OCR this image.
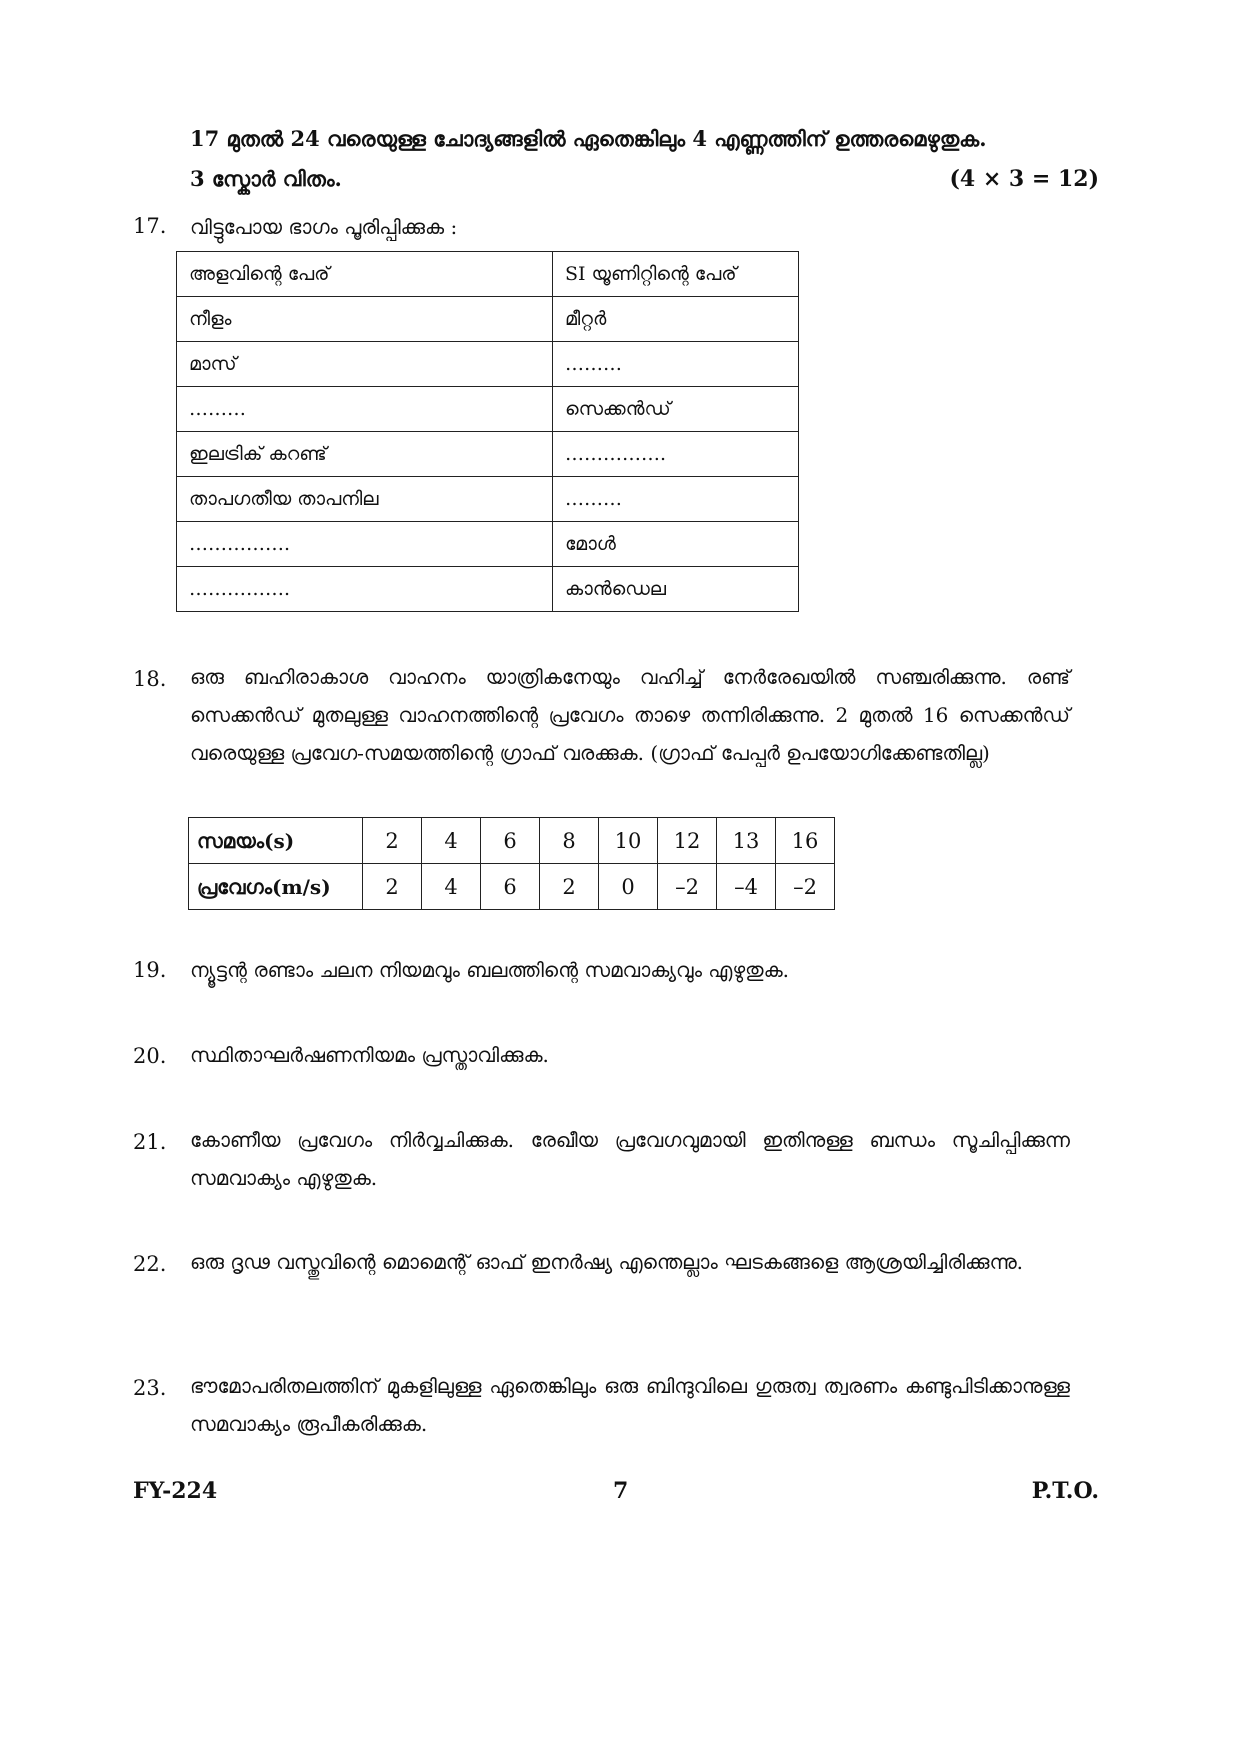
17 മുതൽ 24 വരെയുള്ള ചോദ്യങ്ങളിൽ ഏതെങ്കിലും 4 എണ്ണത്തിന് ഉത്തരമെഴുതുക.
3 സ്കോർ വിതം.	(4 × 3 = 12)
17. വിട്ടുപോയ ഭാഗം പൂരിപ്പിക്കുക :
അളവിന്റെ പേര്	SI യൂണിറ്റിന്റെ പേര്
നീളം	മീറ്റർ
മാസ്	………
………	സെക്കൻഡ്
ഇലട്രിക് കറണ്ട്	…………….
താപഗതീയ താപനില	………
…………….	മോൾ
…………….	കാൻഡെല
18. ഒരു ബഹിരാകാശ വാഹനം യാത്രികനേയും വഹിച്ച് നേർരേഖയിൽ സഞ്ചരിക്കുന്നു. രണ്ട് സെക്കൻഡ് മുതലുള്ള വാഹനത്തിന്റെ പ്രവേഗം താഴെ തന്നിരിക്കുന്നു. 2 മുതൽ 16 സെക്കൻഡ് വരെയുള്ള പ്രവേഗ-സമയത്തിന്റെ ഗ്രാഫ് വരക്കുക. (ഗ്രാഫ് പേപ്പർ ഉപയോഗിക്കേണ്ടതില്ല)
സമയം(s)	2	4	6	8	10	12	13	16
പ്രവേഗം(m/s)	2	4	6	2	0	–2	–4	–2
19. ന്യൂട്ടന്റ രണ്ടാം ചലന നിയമവും ബലത്തിന്റെ സമവാക്യവും എഴുതുക.
20. സ്ഥിതാഘർഷണനിയമം പ്രസ്താവിക്കുക.
21. കോണീയ പ്രവേഗം നിർവ്വചിക്കുക. രേഖീയ പ്രവേഗവുമായി ഇതിനുള്ള ബന്ധം സൂചിപ്പിക്കുന്ന സമവാക്യം എഴുതുക.
22. ഒരു ദൃഢ വസ്തുവിന്റെ മൊമെന്റ് ഓഫ് ഇനർഷ്യ എന്തെല്ലാം ഘടകങ്ങളെ ആശ്രയിച്ചിരിക്കുന്നു.
23. ഭൗമോപരിതലത്തിന് മുകളിലുള്ള ഏതെങ്കിലും ഒരു ബിന്ദുവിലെ ഗുരുത്വ ത്വരണം കണ്ടുപിടിക്കാനുള്ള സമവാക്യം രൂപീകരിക്കുക.
FY-224	7	P.T.O.
